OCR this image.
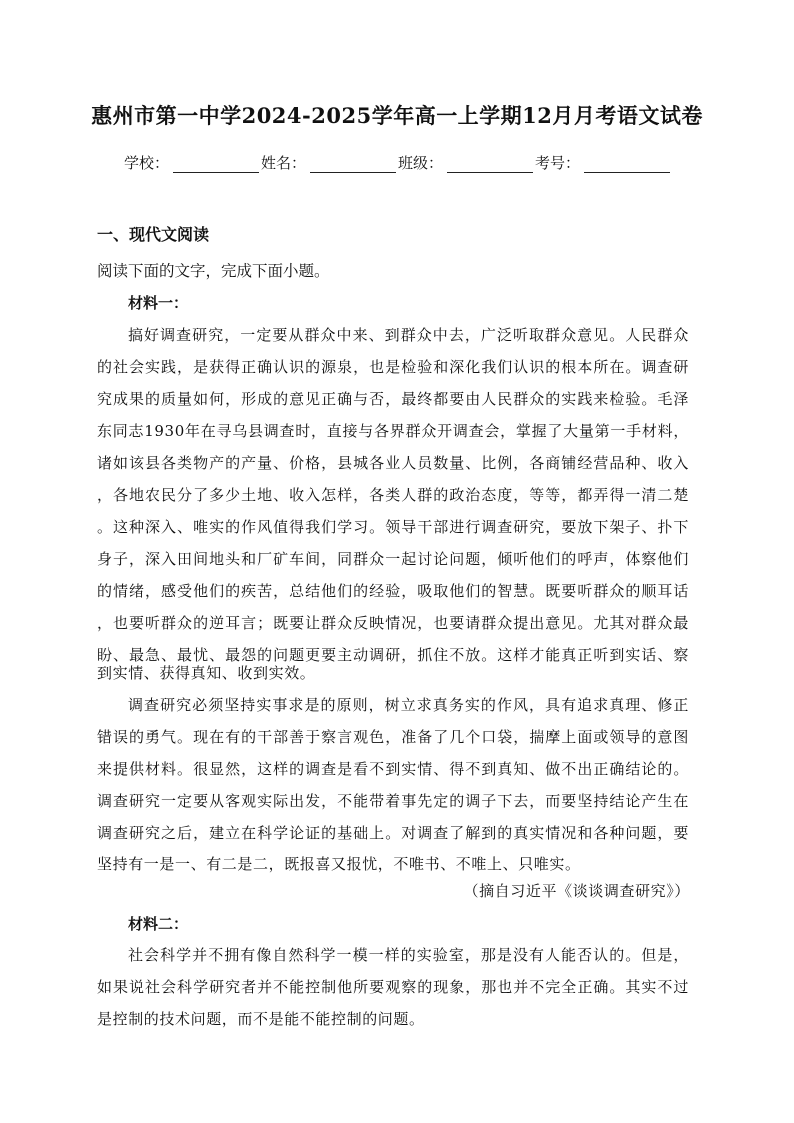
惠州市第一中学2024-2025学年高一上学期12月月考语文试卷
学校：	姓名：	班级：	考号：
一、现代文阅读
阅读下面的文字，完成下面小题。
材料一：
搞好调查研究，一定要从群众中来、到群众中去，广泛听取群众意见。人民群众
的社会实践，是获得正确认识的源泉，也是检验和深化我们认识的根本所在。调查研
究成果的质量如何，形成的意见正确与否，最终都要由人民群众的实践来检验。毛泽
东同志1930年在寻乌县调查时，直接与各界群众开调查会，掌握了大量第一手材料，
诸如该县各类物产的产量、价格，县城各业人员数量、比例，各商铺经营品种、收入
，各地农民分了多少土地、收入怎样，各类人群的政治态度，等等，都弄得一清二楚
。这种深入、唯实的作风值得我们学习。领导干部进行调查研究，要放下架子、扑下
身子，深入田间地头和厂矿车间，同群众一起讨论问题，倾听他们的呼声，体察他们
的情绪，感受他们的疾苦，总结他们的经验，吸取他们的智慧。既要听群众的顺耳话
，也要听群众的逆耳言；既要让群众反映情况，也要请群众提出意见。尤其对群众最
盼、最急、最忧、最怨的问题更要主动调研，抓住不放。这样才能真正听到实话、察
到实情、获得真知、收到实效。
调查研究必须坚持实事求是的原则，树立求真务实的作风，具有追求真理、修正
错误的勇气。现在有的干部善于察言观色，准备了几个口袋，揣摩上面或领导的意图
来提供材料。很显然，这样的调查是看不到实情、得不到真知、做不出正确结论的。
调查研究一定要从客观实际出发，不能带着事先定的调子下去，而要坚持结论产生在
调查研究之后，建立在科学论证的基础上。对调查了解到的真实情况和各种问题，要
坚持有一是一、有二是二，既报喜又报忧，不唯书、不唯上、只唯实。
（摘自习近平《谈谈调查研究》）
材料二：
社会科学并不拥有像自然科学一模一样的实验室，那是没有人能否认的。但是，
如果说社会科学研究者并不能控制他所要观察的现象，那也并不完全正确。其实不过
是控制的技术问题，而不是能不能控制的问题。
